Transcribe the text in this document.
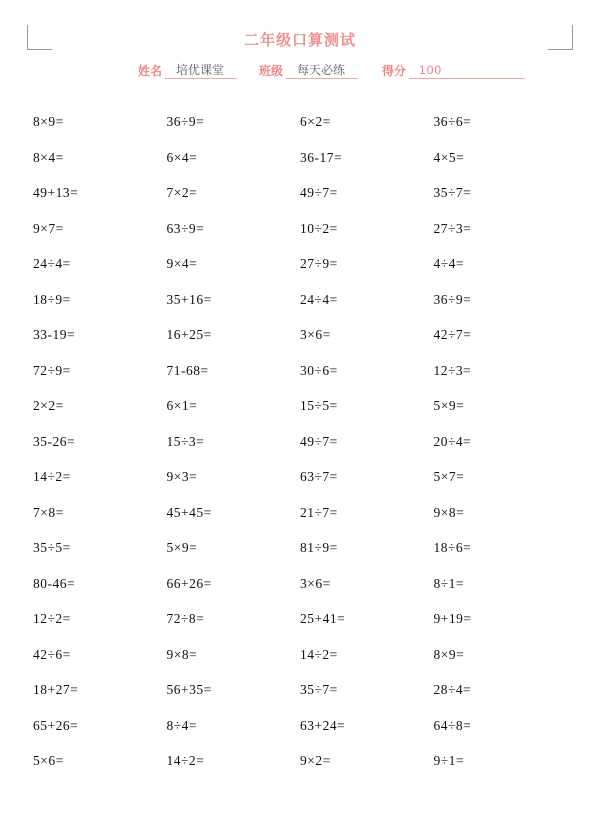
二年级口算测试
姓名	培优课堂	班级	每天必练	得分	100
8×9=	36÷9=	6×2=	36÷6=
8×4=	6×4=	36-17=	4×5=
49+13=	7×2=	49÷7=	35÷7=
9×7=	63÷9=	10÷2=	27÷3=
24÷4=	9×4=	27÷9=	4÷4=
18÷9=	35+16=	24÷4=	36÷9=
33-19=	16+25=	3×6=	42÷7=
72÷9=	71-68=	30÷6=	12÷3=
2×2=	6×1=	15÷5=	5×9=
35-26=	15÷3=	49÷7=	20÷4=
14÷2=	9×3=	63÷7=	5×7=
7×8=	45+45=	21÷7=	9×8=
35÷5=	5×9=	81÷9=	18÷6=
80-46=	66+26=	3×6=	8÷1=
12÷2=	72÷8=	25+41=	9+19=
42÷6=	9×8=	14÷2=	8×9=
18+27=	56+35=	35÷7=	28÷4=
65+26=	8÷4=	63+24=	64÷8=
5×6=	14÷2=	9×2=	9÷1=
